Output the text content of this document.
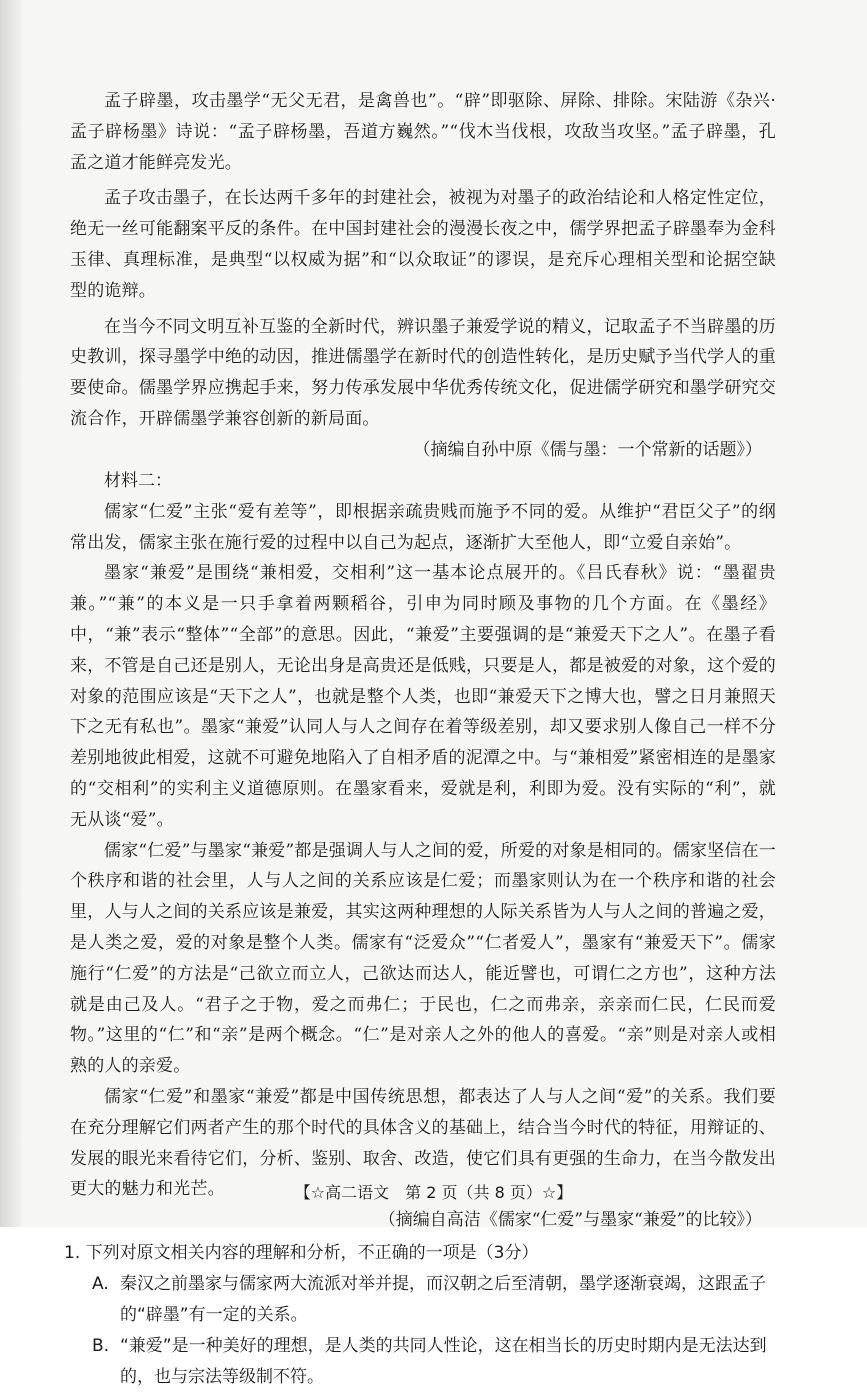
孟子辟墨，攻击墨学“无父无君，是禽兽也”。“辟”即驱除、屏除、排除。宋陆游《杂兴·孟子辟杨墨》诗说：“孟子辟杨墨，吾道方巍然。”“伐木当伐根，攻敌当攻坚。”孟子辟墨，孔孟之道才能鲜亮发光。

孟子攻击墨子，在长达两千多年的封建社会，被视为对墨子的政治结论和人格定性定位，绝无一丝可能翻案平反的条件。在中国封建社会的漫漫长夜之中，儒学界把孟子辟墨奉为金科玉律、真理标准，是典型“以权威为据”和“以众取证”的谬误，是充斥心理相关型和论据空缺型的诡辩。

在当今不同文明互补互鉴的全新时代，辨识墨子兼爱学说的精义，记取孟子不当辟墨的历史教训，探寻墨学中绝的动因，推进儒墨学在新时代的创造性转化，是历史赋予当代学人的重要使命。儒墨学界应携起手来，努力传承发展中华优秀传统文化，促进儒学研究和墨学研究交流合作，开辟儒墨学兼容创新的新局面。

（摘编自孙中原《儒与墨：一个常新的话题》）

材料二：

儒家“仁爱”主张“爱有差等”，即根据亲疏贵贱而施予不同的爱。从维护“君臣父子”的纲常出发，儒家主张在施行爱的过程中以自己为起点，逐渐扩大至他人，即“立爱自亲始”。

墨家“兼爱”是围绕“兼相爱，交相利”这一基本论点展开的。《吕氏春秋》说：“墨翟贵兼。”“兼”的本义是一只手拿着两颗稻谷，引申为同时顾及事物的几个方面。在《墨经》中，“兼”表示“整体”“全部”的意思。因此，“兼爱”主要强调的是“兼爱天下之人”。在墨子看来，不管是自己还是别人，无论出身是高贵还是低贱，只要是人，都是被爱的对象，这个爱的对象的范围应该是“天下之人”，也就是整个人类，也即“兼爱天下之博大也，譬之日月兼照天下之无有私也”。墨家“兼爱”认同人与人之间存在着等级差别，却又要求别人像自己一样不分差别地彼此相爱，这就不可避免地陷入了自相矛盾的泥潭之中。与“兼相爱”紧密相连的是墨家的“交相利”的实利主义道德原则。在墨家看来，爱就是利，利即为爱。没有实际的“利”，就无从谈“爱”。

儒家“仁爱”与墨家“兼爱”都是强调人与人之间的爱，所爱的对象是相同的。儒家坚信在一个秩序和谐的社会里，人与人之间的关系应该是仁爱；而墨家则认为在一个秩序和谐的社会里，人与人之间的关系应该是兼爱，其实这两种理想的人际关系皆为人与人之间的普遍之爱，是人类之爱，爱的对象是整个人类。儒家有“泛爱众”“仁者爱人”，墨家有“兼爱天下”。儒家施行“仁爱”的方法是“己欲立而立人，己欲达而达人，能近譬也，可谓仁之方也”，这种方法就是由己及人。“君子之于物，爱之而弗仁；于民也，仁之而弗亲，亲亲而仁民，仁民而爱物。”这里的“仁”和“亲”是两个概念。“仁”是对亲人之外的他人的喜爱。“亲”则是对亲人或相熟的人的亲爱。

儒家“仁爱”和墨家“兼爱”都是中国传统思想，都表达了人与人之间“爱”的关系。我们要在充分理解它们两者产生的那个时代的具体含义的基础上，结合当今时代的特征，用辩证的、发展的眼光来看待它们，分析、鉴别、取舍、改造，使它们具有更强的生命力，在当今散发出更大的魅力和光芒。

（摘编自高洁《儒家“仁爱”与墨家“兼爱”的比较》）

1. 下列对原文相关内容的理解和分析，不正确的一项是（3分）

A. 秦汉之前墨家与儒家两大流派对举并提，而汉朝之后至清朝，墨学逐渐衰竭，这跟孟子的“辟墨”有一定的关系。

B. “兼爱”是一种美好的理想，是人类的共同人性论，这在相当长的历史时期内是无法达到的，也与宗法等级制不符。

【☆高二语文　第 2 页（共 8 页）☆】
